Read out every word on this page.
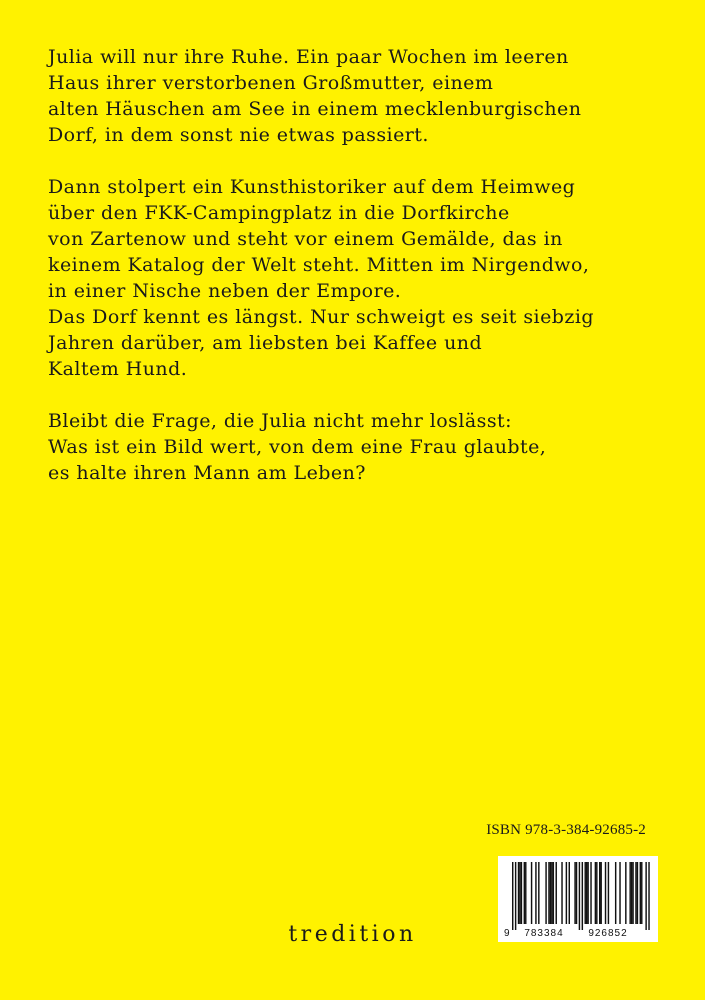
Julia will nur ihre Ruhe. Ein paar Wochen im leeren
Haus ihrer verstorbenen Großmutter, einem
alten Häuschen am See in einem mecklenburgischen
Dorf, in dem sonst nie etwas passiert.
Dann stolpert ein Kunsthistoriker auf dem Heimweg
über den FKK-Campingplatz in die Dorfkirche
von Zartenow und steht vor einem Gemälde, das in
keinem Katalog der Welt steht. Mitten im Nirgendwo,
in einer Nische neben der Empore.
Das Dorf kennt es längst. Nur schweigt es seit siebzig
Jahren darüber, am liebsten bei Kaffee und
Kaltem Hund.
Bleibt die Frage, die Julia nicht mehr loslässt:
Was ist ein Bild wert, von dem eine Frau glaubte,
es halte ihren Mann am Leben?
ISBN 978-3-384-92685-2
9 783384 926852
tredition
